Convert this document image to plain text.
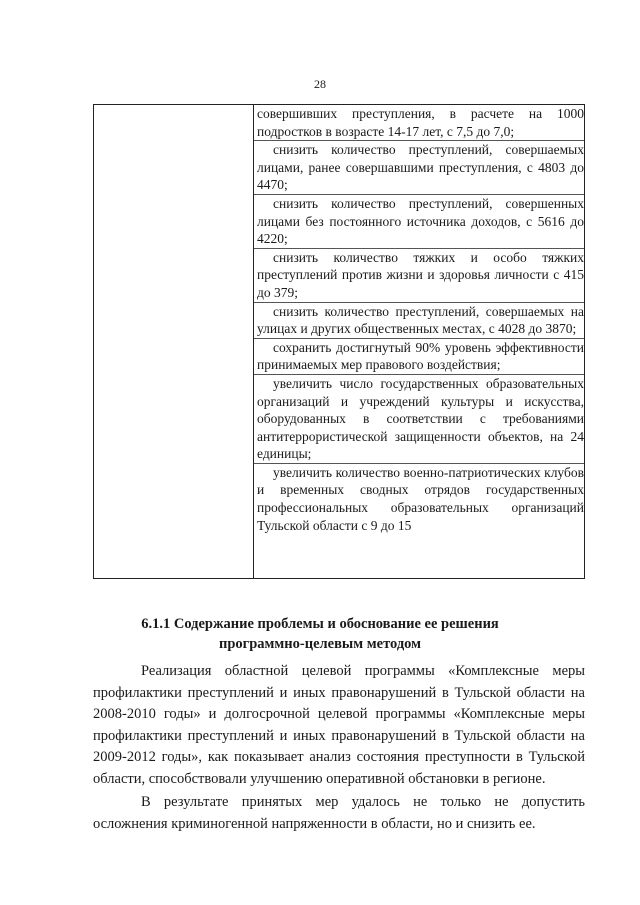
28
совершивших преступления, в расчете на 1000 подростков в возрасте 14-17 лет, с 7,5 до 7,0;
снизить количество преступлений, совершаемых лицами, ранее совершавшими преступления, с 4803 до 4470;
снизить количество преступлений, совершенных лицами без постоянного источника доходов, с 5616 до 4220;
снизить количество тяжких и особо тяжких преступлений против жизни и здоровья личности с 415 до 379;
снизить количество преступлений, совершаемых на улицах и других общественных местах, с 4028 до 3870;
сохранить достигнутый 90% уровень эффективности принимаемых мер правового воздействия;
увеличить число государственных образовательных организаций и учреждений культуры и искусства, оборудованных в соответствии с требованиями антитеррористической защищенности объектов, на 24 единицы;
увеличить количество военно-патриотических клубов и временных сводных отрядов государственных профессиональных образовательных организаций Тульской области с 9 до 15
6.1.1 Содержание проблемы и обоснование ее решения
программно-целевым методом

Реализация областной целевой программы «Комплексные меры профилактики преступлений и иных правонарушений в Тульской области на 2008-2010 годы» и долгосрочной целевой программы «Комплексные меры профилактики преступлений и иных правонарушений в Тульской области на 2009-2012 годы», как показывает анализ состояния преступности в Тульской области, способствовали улучшению оперативной обстановки в регионе.

В результате принятых мер удалось не только не допустить осложнения криминогенной напряженности в области, но и снизить ее.
